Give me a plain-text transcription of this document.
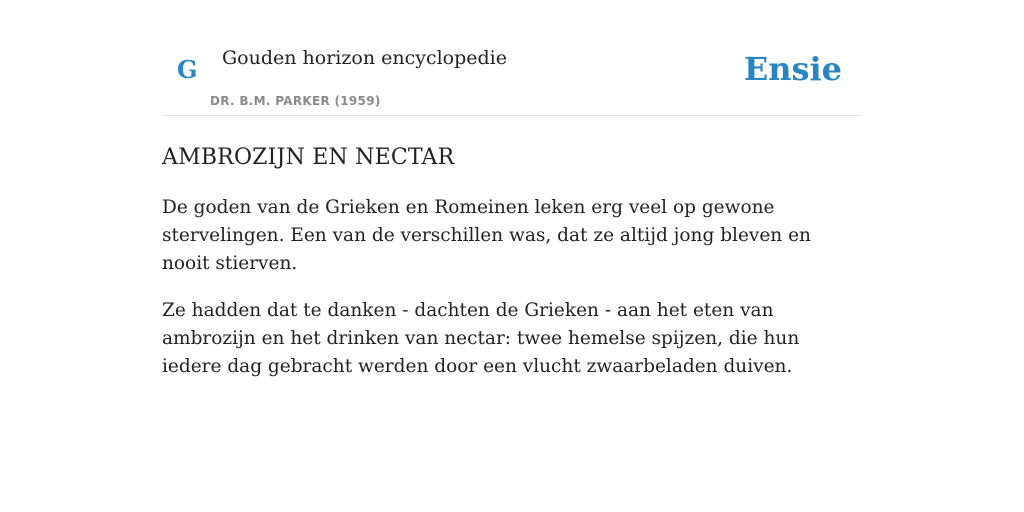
G Gouden horizon encyclopedie
DR. B.M. PARKER (1959)
Ensie
AMBROZIJN EN NECTAR

De goden van de Grieken en Romeinen leken erg veel op gewone stervelingen. Een van de verschillen was, dat ze altijd jong bleven en nooit stierven.

Ze hadden dat te danken - dachten de Grieken - aan het eten van ambrozijn en het drinken van nectar: twee hemelse spijzen, die hun iedere dag gebracht werden door een vlucht zwaarbeladen duiven.
